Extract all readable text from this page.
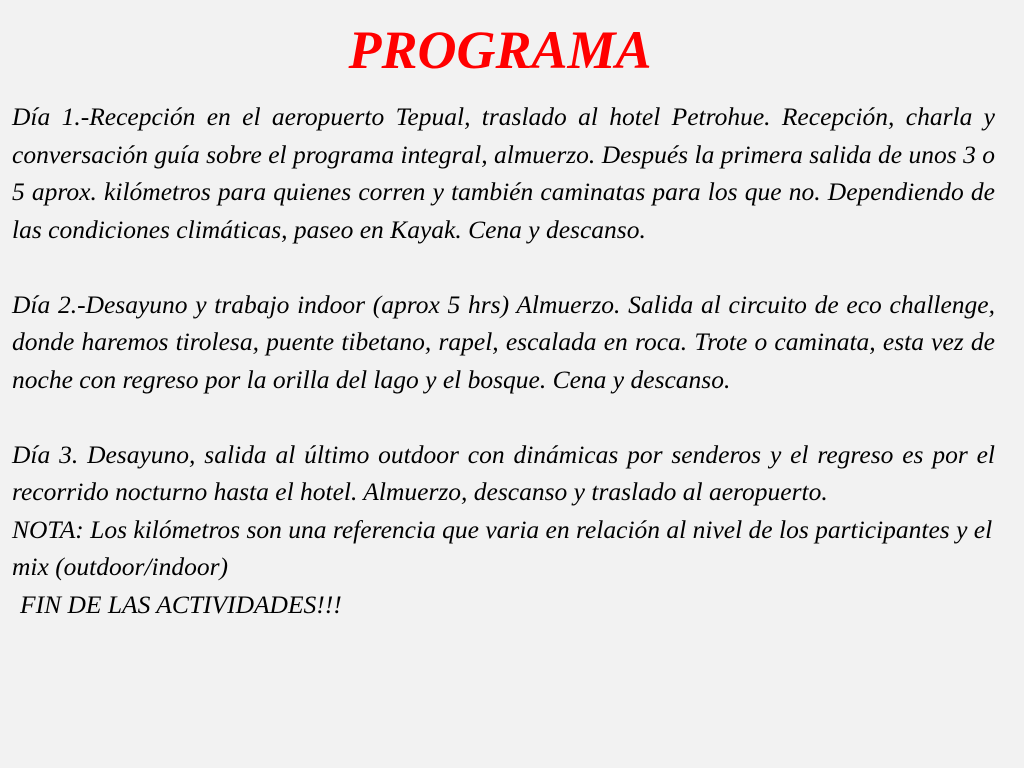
PROGRAMA

Día 1.-Recepción en el aeropuerto Tepual, traslado al hotel Petrohue. Recepción, charla y conversación guía sobre el programa integral, almuerzo. Después la primera salida de unos 3 o 5 aprox. kilómetros para quienes corren y también caminatas para los que no. Dependiendo de las condiciones climáticas, paseo en Kayak. Cena y descanso.

Día 2.-Desayuno y trabajo indoor (aprox 5 hrs) Almuerzo. Salida al circuito de eco challenge, donde haremos tirolesa, puente tibetano, rapel, escalada en roca. Trote o caminata, esta vez de noche con regreso por la orilla del lago y el bosque. Cena y descanso.

Día 3. Desayuno, salida al último outdoor con dinámicas por senderos y el regreso es por el recorrido nocturno hasta el hotel. Almuerzo, descanso y traslado al aeropuerto.

NOTA: Los kilómetros son una referencia que varia en relación al nivel de los participantes y el mix (outdoor/indoor)

FIN DE LAS ACTIVIDADES!!!
